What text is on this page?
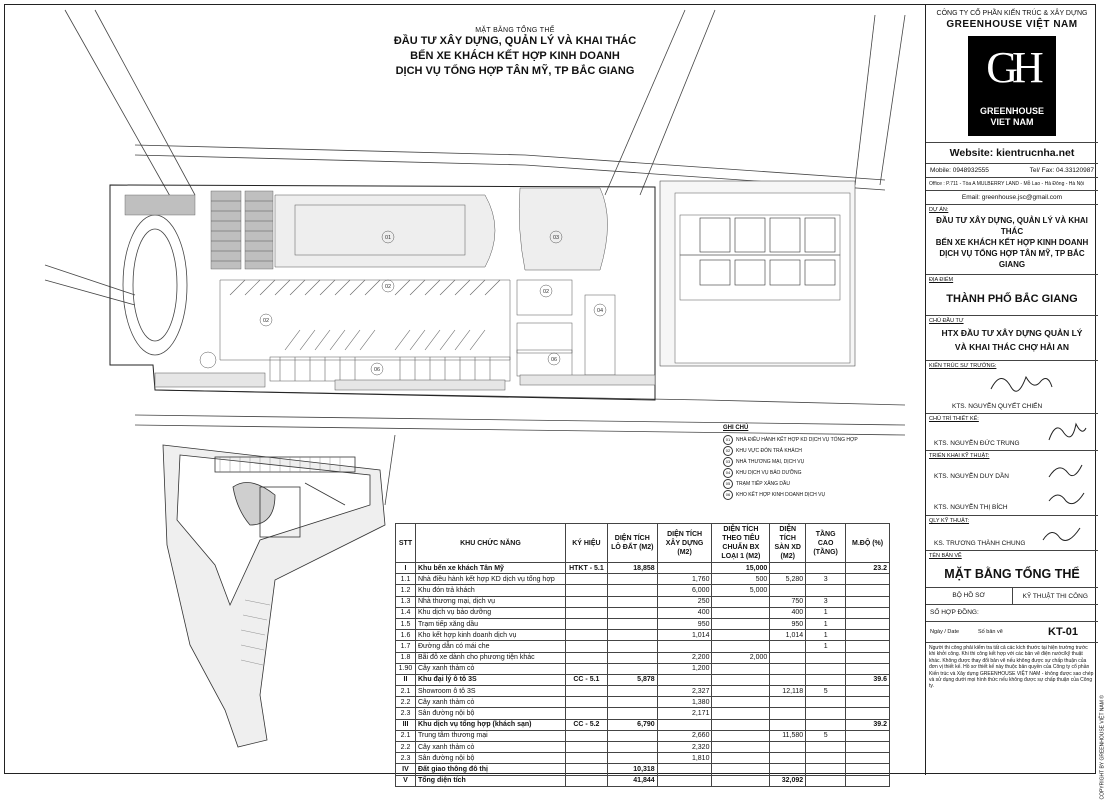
01
02
02
03
04
02
06
06
MẶT BẰNG TỔNG THỂ
ĐẦU TƯ XÂY DỰNG, QUẢN LÝ VÀ KHAI THÁC
BẾN XE KHÁCH KẾT HỢP KINH DOANH
DỊCH VỤ TỔNG HỢP TÂN MỸ, TP BẮC GIANG
GHI CHÚ
01	NHÀ ĐIỀU HÀNH KẾT HỢP KD DỊCH VỤ TỔNG HỢP
02	KHU VỰC ĐÓN TRẢ KHÁCH
03	NHÀ THƯƠNG MẠI, DỊCH VỤ
04	KHU DỊCH VỤ BẢO DƯỠNG
05	TRẠM TIẾP XĂNG DẦU
06	KHO KẾT HỢP KINH DOANH DỊCH VỤ
STT	KHU CHỨC NĂNG	KÝ HIỆU	DIỆN TÍCH LÔ ĐẤT (M2)	DIỆN TÍCH XÂY DỰNG (M2)	DIỆN TÍCH THEO TIÊU CHUẨN BX LOẠI 1 (M2)	DIỆN TÍCH SÀN XD (M2)	TẦNG CAO (TẦNG)	M.ĐỘ (%)
I	Khu bến xe khách Tân Mỹ	HTKT - 5.1	18,858		15,000			23.2
1.1	Nhà điều hành kết hợp KD dịch vụ tổng hợp			1,760	500	5,280	3	
1.2	Khu đón trả khách			6,000	5,000			
1.3	Nhà thương mại, dịch vụ			250		750	3	
1.4	Khu dịch vụ bảo dưỡng			400		400	1	
1.5	Trạm tiếp xăng dầu			950		950	1	
1.6	Kho kết hợp kinh doanh dịch vụ			1,014		1,014	1	
1.7	Đường dẫn có mái che						1	
1.8	Bãi đỗ xe dành cho phương tiện khác			2,200	2,000			
1.90	Cây xanh thảm cỏ			1,200				
II	Khu đại lý ô tô 3S	CC - 5.1	5,878					39.6
2.1	Showroom ô tô 3S			2,327		12,118	5	
2.2	Cây xanh thảm cỏ			1,380				
2.3	Sân đường nội bộ			2,171				
III	Khu dịch vụ tổng hợp (khách sạn)	CC - 5.2	6,790					39.2
2.1	Trung tâm thương mại			2,660		11,580	5	
2.2	Cây xanh thảm cỏ			2,320				
2.3	Sân đường nội bộ			1,810				
IV	Đất giao thông đô thị		10,318					
V	Tổng diện tích		41,844			32,092		
CÔNG TY CỔ PHẦN KIẾN TRÚC & XÂY DỰNG
GREENHOUSE VIỆT NAM
GH
GREENHOUSE
VIET NAM
Website: kientrucnha.net
Mobile: 0948932555	Tel/ Fax: 04.33120987
Office : P.711 - Tòa A MULBERRY LAND - Mỗ Lao - Hà Đông - Hà Nội
Email: greenhouse.jsc@gmail.com
DỰ ÁN:
ĐẦU TƯ XÂY DỰNG, QUẢN LÝ VÀ KHAI THÁC
BẾN XE KHÁCH KẾT HỢP KINH DOANH
DỊCH VỤ TỔNG HỢP TÂN MỸ, TP BẮC GIANG
ĐỊA ĐIỂM
THÀNH PHỐ BẮC GIANG
CHỦ ĐẦU TƯ
HTX ĐẦU TƯ XÂY DỰNG QUẢN LÝ
VÀ KHAI THÁC CHỢ HẢI AN
KIẾN TRÚC SƯ TRƯỞNG:
KTS. NGUYỄN QUYẾT CHIẾN
CHỦ TRÌ THIẾT KẾ:
KTS. NGUYỄN ĐỨC TRUNG
TRIỂN KHAI KỸ THUẬT:
KTS. NGUYỄN DUY DẦN
KTS. NGUYỄN THỊ BÍCH
QLY KỸ THUẬT:
KS. TRƯƠNG THÀNH CHUNG
TÊN BẢN VẼ
MẶT BẰNG TỔNG THỂ
BỘ HỒ SƠ	KỸ THUẬT THI CÔNG
SỐ HỢP ĐỒNG:
Ngày / Date	Số bản vẽ	KT-01
Người thi công phải kiểm tra tất cả các kích thước tại hiện trường trước khi khởi công. Khi thi công kết hợp với các bản vẽ điện nước/kỹ thuật khác. Không được thay đổi bản vẽ nếu không được sự chấp thuận của đơn vị thiết kế. Hồ sơ thiết kế này thuộc bản quyền của Công ty cổ phần Kiến trúc và Xây dựng GREENHOUSE VIỆT NAM - không được sao chép và sử dụng dưới mọi hình thức nếu không được sự chấp thuận của Công ty.
COPYRIGHT BY GREENHOUSE VIỆT NAM ©
